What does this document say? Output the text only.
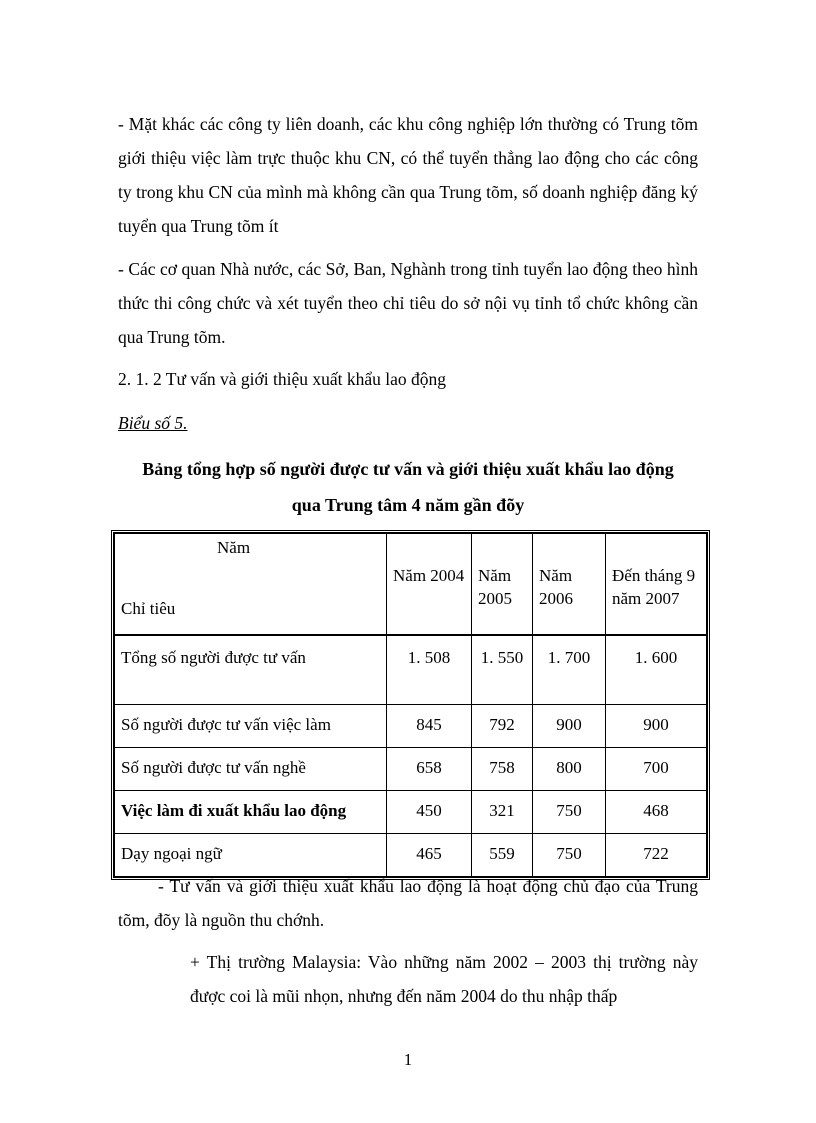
- Mặt khác các công ty liên doanh, các khu công nghiệp lớn thường có Trung tõm giới thiệu việc làm trực thuộc khu CN, có thể tuyển thẳng lao động cho các công ty trong khu CN của mình mà không cần qua Trung tõm, số doanh nghiệp đăng ký tuyển qua Trung tõm ít

- Các cơ quan Nhà nước, các Sở, Ban, Nghành trong tỉnh tuyển lao động theo hình thức thi công chức và xét tuyển theo chỉ tiêu do sở nội vụ tỉnh tổ chức không cần qua Trung tõm.

2. 1. 2 Tư vấn và giới thiệu xuất khẩu lao động

Biểu số 5.

Bảng tổng hợp số người được tư vấn và giới thiệu xuất khẩu lao động
qua Trung tâm 4 năm gần đõy
Năm
Chỉ tiêu	Năm 2004	Năm 2005	Năm 2006	Đến tháng 9 năm 2007

Tổng số người được tư vấn	1. 508	1. 550	1. 700	1. 600
Số người được tư vấn việc làm	845	792	900	900
Số người được tư vấn nghề	658	758	800	700
Việc làm đi xuất khẩu lao động	450	321	750	468
Dạy ngoại ngữ	465	559	750	722

- Tư vấn và giới thiệu xuất khẩu lao động là hoạt động chủ đạo của Trung tõm, đõy là nguồn thu chớnh.

+ Thị trường Malaysia: Vào những năm 2002 – 2003 thị trường này được coi là mũi nhọn, nhưng đến năm 2004 do thu nhập thấp

1
